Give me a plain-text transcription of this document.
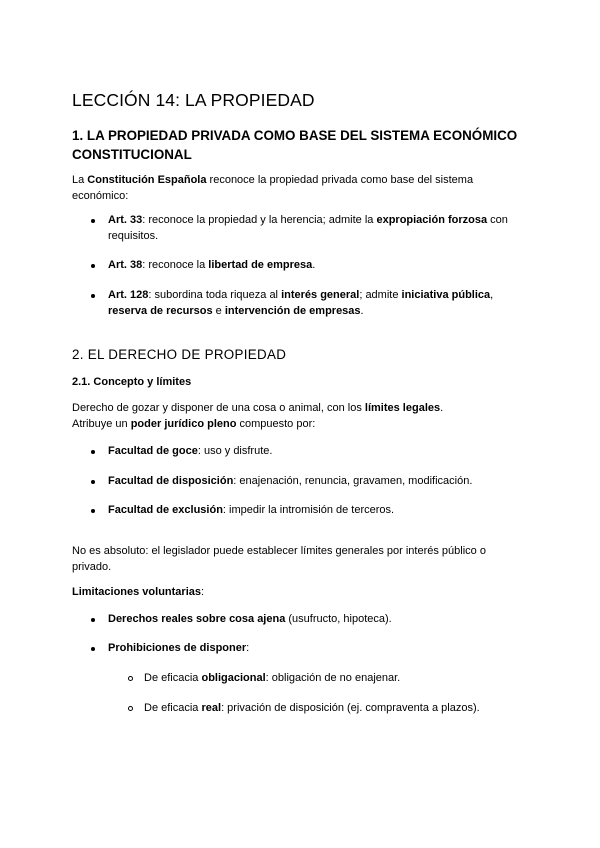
LECCIÓN 14: LA PROPIEDAD
1. LA PROPIEDAD PRIVADA COMO BASE DEL SISTEMA ECONÓMICO
CONSTITUCIONAL

La Constitución Española reconoce la propiedad privada como base del sistema
económico:

Art. 33: reconoce la propiedad y la herencia; admite la expropiación forzosa con
requisitos.

Art. 38: reconoce la libertad de empresa.

Art. 128: subordina toda riqueza al interés general; admite iniciativa pública,
reserva de recursos e intervención de empresas.

2. EL DERECHO DE PROPIEDAD
2.1. Concepto y límites

Derecho de gozar y disponer de una cosa o animal, con los límites legales.
Atribuye un poder jurídico pleno compuesto por:

Facultad de goce: uso y disfrute.

Facultad de disposición: enajenación, renuncia, gravamen, modificación.

Facultad de exclusión: impedir la intromisión de terceros.

No es absoluto: el legislador puede establecer límites generales por interés público o
privado.

Limitaciones voluntarias:

Derechos reales sobre cosa ajena (usufructo, hipoteca).

Prohibiciones de disponer:

De eficacia obligacional: obligación de no enajenar.

De eficacia real: privación de disposición (ej. compraventa a plazos).
